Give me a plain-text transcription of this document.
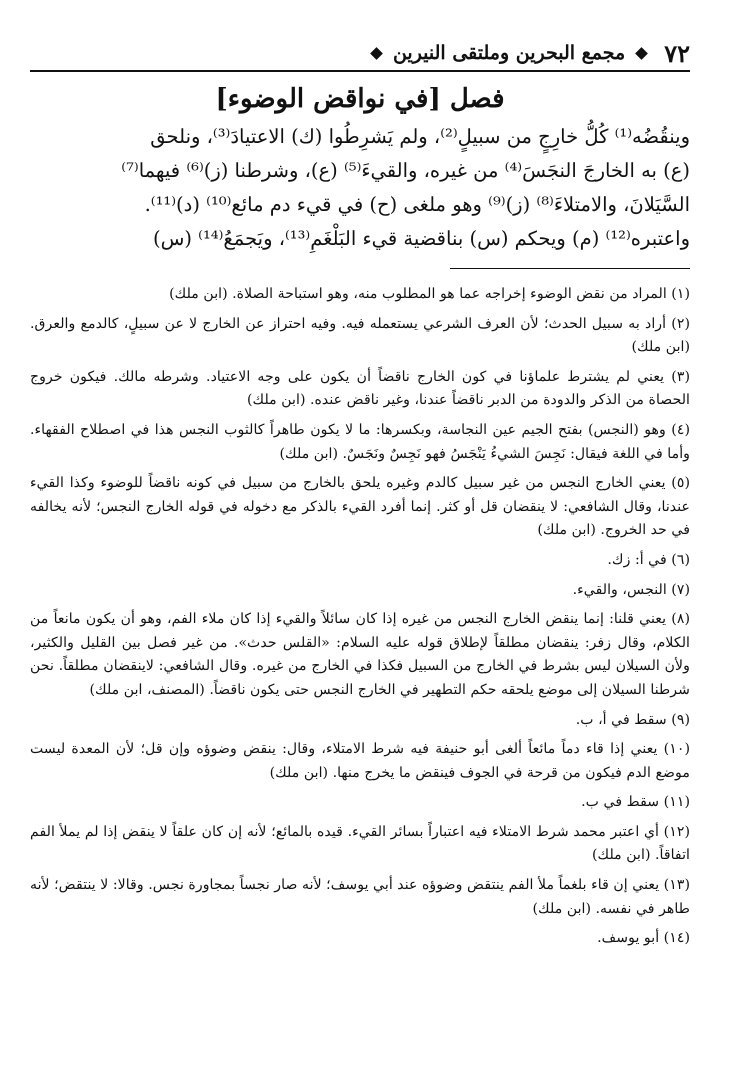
٧٢
مجمع البحرين وملتقى النيرين
فصل [في نواقض الوضوء]

وينقُضُه⁽¹⁾ كُلُّ خارِجٍ من سبيلٍ⁽²⁾، ولم يَشرِطُوا (ك) الاعتيادَ⁽³⁾، ونلحق

(ع) به الخارجَ النجَسَ⁽⁴⁾ من غيره، والقيءَ⁽⁵⁾ (ع)، وشرطنا (ز)⁽⁶⁾ فيهما⁽⁷⁾

السَّيَلانَ، والامتلاءَ⁽⁸⁾ (ز)⁽⁹⁾ وهو ملغى (ح) في قيء دم مائع⁽¹⁰⁾ (د)⁽¹¹⁾.

واعتبره⁽¹²⁾ (م) ويحكم (س) بناقضية قيء البَلْغَمِ⁽¹³⁾، ويَجمَعُ⁽¹⁴⁾ (س)

(١) المراد من نقض الوضوء إخراجه عما هو المطلوب منه، وهو استباحة الصلاة. (ابن ملك)

(٢) أراد به سبيل الحدث؛ لأن العرف الشرعي يستعمله فيه. وفيه احتراز عن الخارج لا عن سبيلٍ، كالدمع والعرق. (ابن ملك)

(٣) يعني لم يشترط علماؤنا في كون الخارج ناقضاً أن يكون على وجه الاعتياد. وشرطه مالك. فيكون خروج الحصاة من الذكر والدودة من الدبر ناقضاً عندنا، وغير ناقض عنده. (ابن ملك)

(٤) وهو (النجس) بفتح الجيم عين النجاسة، وبكسرها: ما لا يكون طاهراً كالثوب النجس هذا في اصطلاح الفقهاء. وأما في اللغة فيقال: نَجِسَ الشيءُ يَنْجَسُ فهو نَجِسٌ ونَجَسٌ. (ابن ملك)

(٥) يعني الخارج النجس من غير سبيل كالدم وغيره يلحق بالخارج من سبيل في كونه ناقضاً للوضوء وكذا القيء عندنا، وقال الشافعي: لا ينقضان قل أو كثر. إنما أفرد القيء بالذكر مع دخوله في قوله الخارج النجس؛ لأنه يخالفه في حد الخروج. (ابن ملك)

(٦) في أ: زك.

(٧) النجس، والقيء.

(٨) يعني قلنا: إنما ينقض الخارج النجس من غيره إذا كان سائلاً والقيء إذا كان ملاء الفم، وهو أن يكون مانعاً من الكلام، وقال زفر: ينقضان مطلقاً لإطلاق قوله عليه السلام: «القلس حدث». من غير فصل بين القليل والكثير، ولأن السيلان ليس بشرط في الخارج من السبيل فكذا في الخارج من غيره. وقال الشافعي: لاينقضان مطلقاً. نحن شرطنا السيلان إلى موضع يلحقه حكم التطهير في الخارج النجس حتى يكون ناقضاً. (المصنف، ابن ملك)

(٩) سقط في أ، ب.

(١٠) يعني إذا قاء دماً مائعاً ألغى أبو حنيفة فيه شرط الامتلاء، وقال: ينقض وضوؤه وإن قل؛ لأن المعدة ليست موضع الدم فيكون من قرحة في الجوف فينقض ما يخرج منها. (ابن ملك)

(١١) سقط في ب.

(١٢) أي اعتبر محمد شرط الامتلاء فيه اعتباراً بسائر القيء. قيده بالمائع؛ لأنه إن كان علقاً لا ينقض إذا لم يملأ الفم اتفاقاً. (ابن ملك)

(١٣) يعني إن قاء بلغماً ملأ الفم ينتقض وضوؤه عند أبي يوسف؛ لأنه صار نجساً بمجاورة نجس. وقالا: لا ينتقض؛ لأنه طاهر في نفسه. (ابن ملك)

(١٤) أبو يوسف.
